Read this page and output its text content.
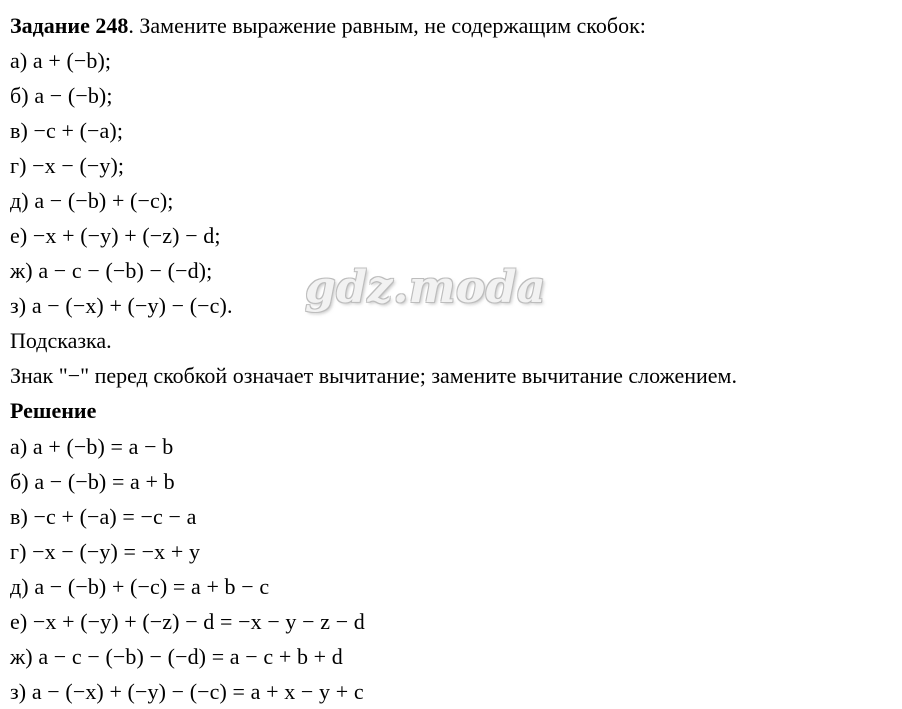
Задание 248. Замените выражение равным, не содержащим скобок:
а) a + (−b);
б) a − (−b);
в) −c + (−a);
г) −x − (−y);
д) a − (−b) + (−c);
е) −x + (−y) + (−z) − d;
ж) a − c − (−b) − (−d);
з) a − (−x) + (−y) − (−c).
Подсказка.
Знак "−" перед скобкой означает вычитание; замените вычитание сложением.
Решение
а) a + (−b) = a − b
б) a − (−b) = a + b
в) −c + (−a) = −c − a
г) −x − (−y) = −x + y
д) a − (−b) + (−c) = a + b − c
е) −x + (−y) + (−z) − d = −x − y − z − d
ж) a − c − (−b) − (−d) = a − c + b + d
з) a − (−x) + (−y) − (−c) = a + x − y + c
gdz.moda
